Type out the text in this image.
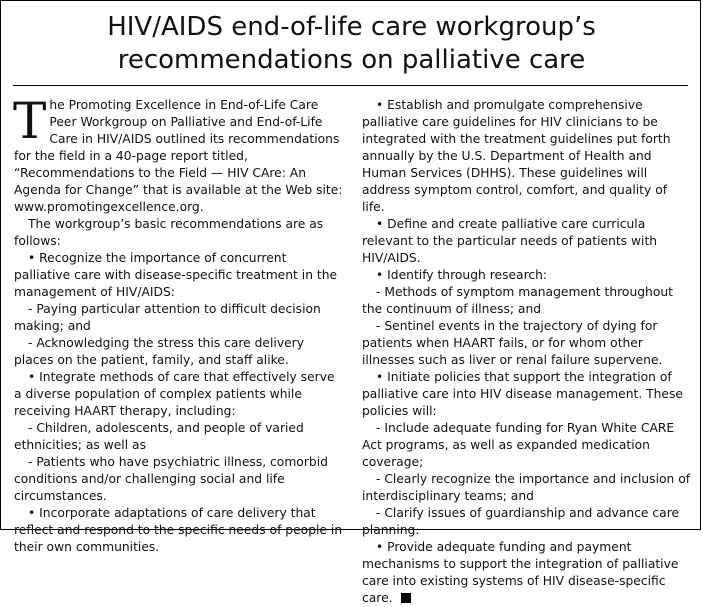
HIV/AIDS end-of-life care workgroup’s
recommendations on palliative care

T he Promoting Excellence in End-of-Life Care Peer Workgroup on Palliative and End-of-Life Care in HIV/AIDS outlined its recommendations for the field in a 40-page report titled, “Recommendations to the Field — HIV CAre: An Agenda for Change” that is available at the Web site: www.promotingexcellence.org.

The workgroup’s basic recommendations are as follows:

• Recognize the importance of concurrent palliative care with disease-specific treatment in the management of HIV/AIDS:

- Paying particular attention to difficult decision making; and

- Acknowledging the stress this care delivery places on the patient, family, and staff alike.

• Integrate methods of care that effectively serve a diverse population of complex patients while receiving HAART therapy, including:

- Children, adolescents, and people of varied ethnicities; as well as

- Patients who have psychiatric illness, comorbid conditions and/or challenging social and life circumstances.

• Incorporate adaptations of care delivery that reflect and respond to the specific needs of people in their own communities.

• Establish and promulgate comprehensive palliative care guidelines for HIV clinicians to be integrated with the treatment guidelines put forth annually by the U.S. Department of Health and Human Services (DHHS). These guidelines will address symptom control, comfort, and quality of life.

• Define and create palliative care curricula relevant to the particular needs of patients with HIV/AIDS.

• Identify through research:

- Methods of symptom management throughout the continuum of illness; and

- Sentinel events in the trajectory of dying for patients when HAART fails, or for whom other illnesses such as liver or renal failure supervene.

• Initiate policies that support the integration of palliative care into HIV disease management. These policies will:

- Include adequate funding for Ryan White CARE Act programs, as well as expanded medication coverage;

- Clearly recognize the importance and inclusion of interdisciplinary teams; and

- Clarify issues of guardianship and advance care planning.

• Provide adequate funding and payment mechanisms to support the integration of palliative care into existing systems of HIV disease-specific care.
